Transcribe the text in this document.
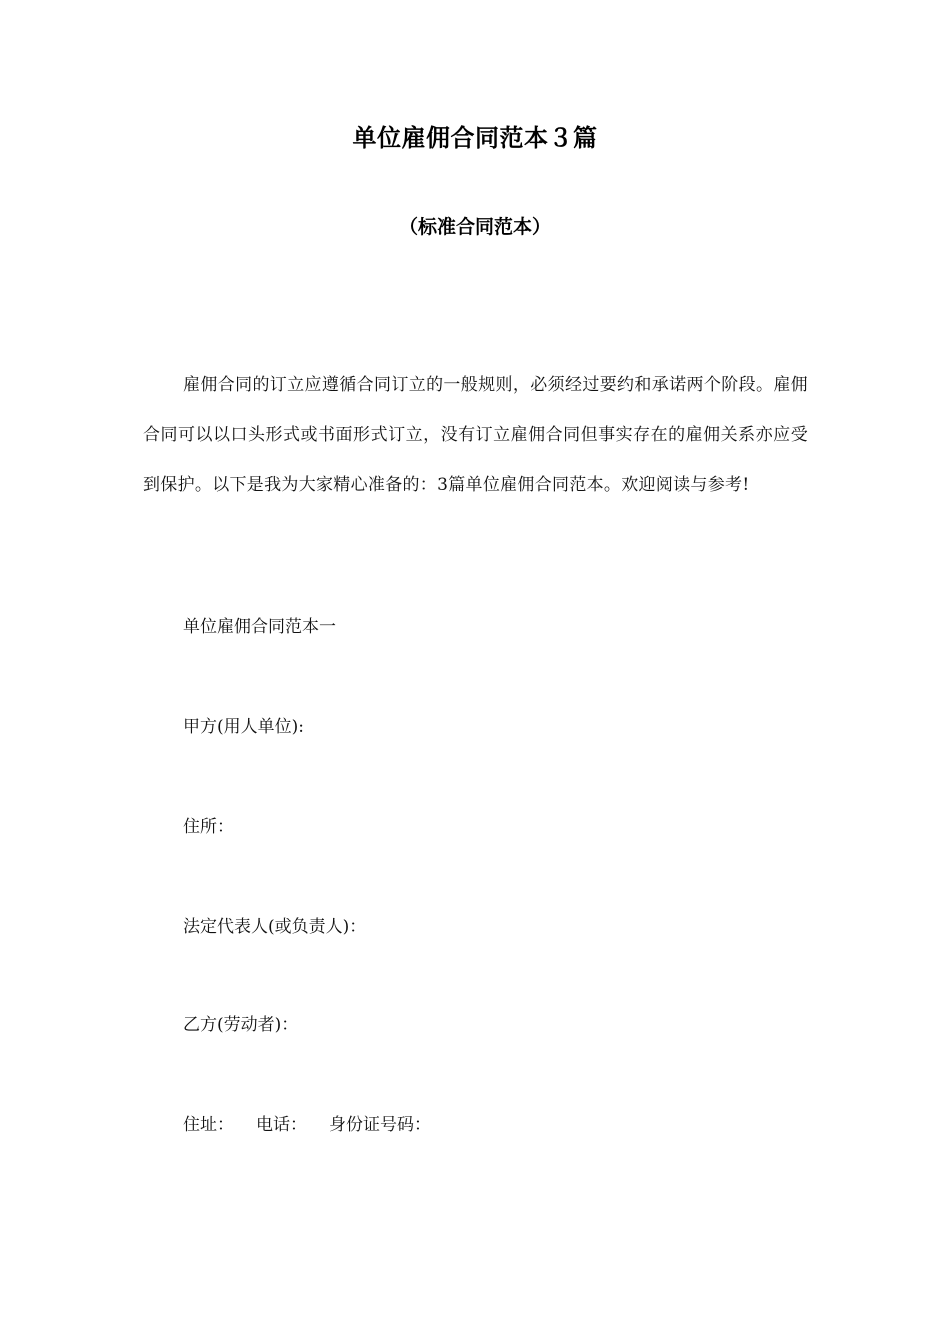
单位雇佣合同范本３篇
（标准合同范本）

雇佣合同的订立应遵循合同订立的一般规则，必须经过要约和承诺两个阶段。雇佣合同可以以口头形式或书面形式订立，没有订立雇佣合同但事实存在的雇佣关系亦应受到保护。以下是我为大家精心准备的：3篇单位雇佣合同范本。欢迎阅读与参考!

单位雇佣合同范本一

甲方(用人单位):

住所：

法定代表人(或负责人)：

乙方(劳动者)：

住址： 电话： 身份证号码：
